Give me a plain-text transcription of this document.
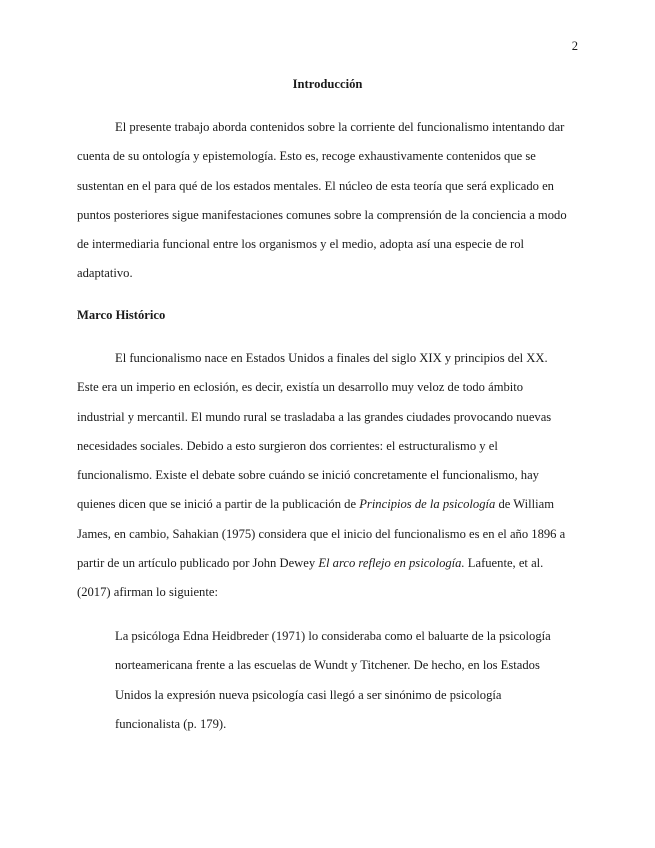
2
Introducción
El presente trabajo aborda contenidos sobre la corriente del funcionalismo intentando dar
cuenta de su ontología y epistemología. Esto es, recoge exhaustivamente contenidos que se
sustentan en el para qué de los estados mentales. El núcleo de esta teoría que será explicado en
puntos posteriores sigue manifestaciones comunes sobre la comprensión de la conciencia a modo
de intermediaria funcional entre los organismos y el medio, adopta así una especie de rol
adaptativo.
Marco Histórico
El funcionalismo nace en Estados Unidos a finales del siglo XIX y principios del XX.
Este era un imperio en eclosión, es decir, existía un desarrollo muy veloz de todo ámbito
industrial y mercantil. El mundo rural se trasladaba a las grandes ciudades provocando nuevas
necesidades sociales. Debido a esto surgieron dos corrientes: el estructuralismo y el
funcionalismo. Existe el debate sobre cuándo se inició concretamente el funcionalismo, hay
quienes dicen que se inició a partir de la publicación de Principios de la psicología de William
James, en cambio, Sahakian (1975) considera que el inicio del funcionalismo es en el año 1896 a
partir de un artículo publicado por John Dewey El arco reflejo en psicología. Lafuente, et al.
(2017) afirman lo siguiente:
La psicóloga Edna Heidbreder (1971) lo consideraba como el baluarte de la psicología
norteamericana frente a las escuelas de Wundt y Titchener. De hecho, en los Estados
Unidos la expresión nueva psicología casi llegó a ser sinónimo de psicología
funcionalista (p. 179).
